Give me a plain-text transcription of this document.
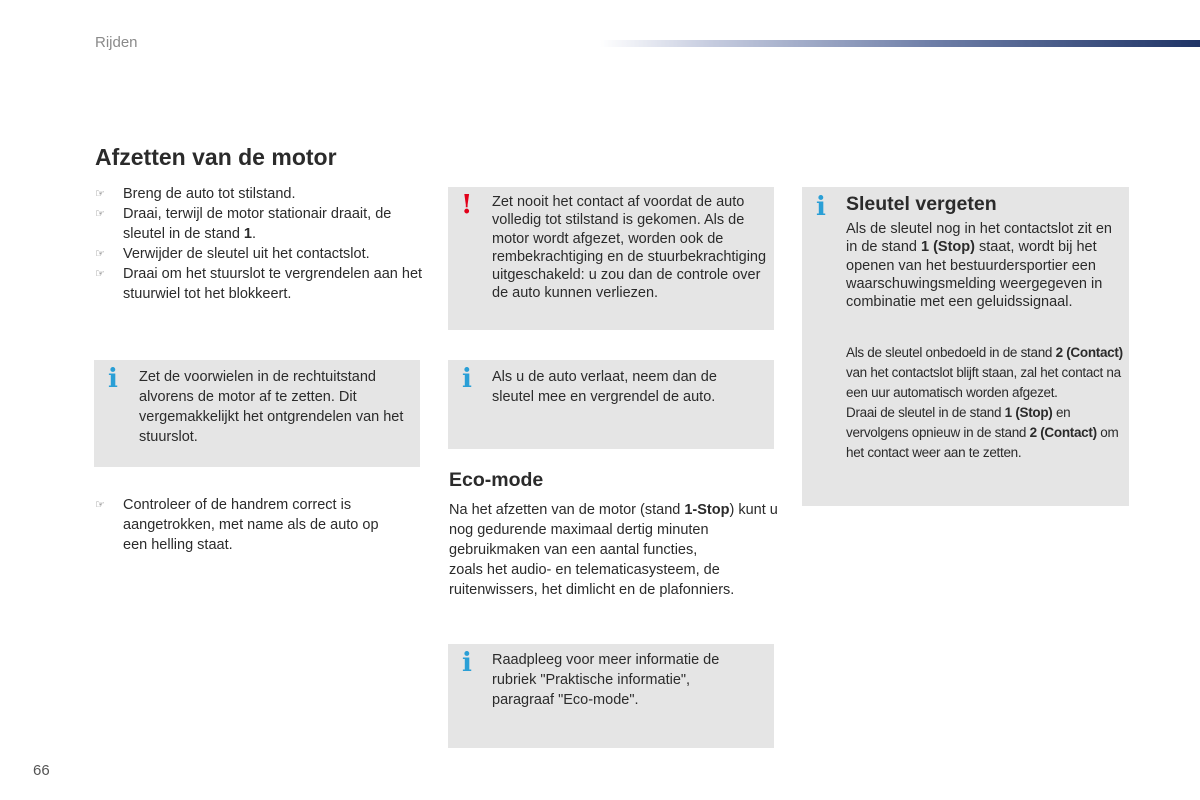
Rijden
Afzetten van de motor
☞ Breng de auto tot stilstand.
☞ Draai, terwijl de motor stationair draait, de sleutel in de stand 1.
☞ Verwijder de sleutel uit het contactslot.
☞ Draai om het stuurslot te vergrendelen aan het stuurwiel tot het blokkeert.
i Zet de voorwielen in de rechtuitstand alvorens de motor af te zetten. Dit vergemakkelijkt het ontgrendelen van het stuurslot.

☞ Controleer of de handrem correct is aangetrokken, met name als de auto op een helling staat.
! Zet nooit het contact af voordat de auto volledig tot stilstand is gekomen. Als de motor wordt afgezet, worden ook de rembekrachtiging en de stuurbekrachtiging uitgeschakeld: u zou dan de controle over de auto kunnen verliezen.

i Als u de auto verlaat, neem dan de sleutel mee en vergrendel de auto.

Eco-mode

Na het afzetten van de motor (stand 1-Stop) kunt u nog gedurende maximaal dertig minuten gebruikmaken van een aantal functies,
zoals het audio- en telematicasysteem, de ruitenwissers, het dimlicht en de plafonniers.

i Raadpleeg voor meer informatie de rubriek "Praktische informatie", paragraaf "Eco-mode".

i Sleutel vergeten

Als de sleutel nog in het contactslot zit en in de stand 1 (Stop) staat, wordt bij het openen van het bestuurdersportier een waarschuwingsmelding weergegeven in combinatie met een geluidssignaal.

Als de sleutel onbedoeld in de stand 2 (Contact) van het contactslot blijft staan, zal het contact na een uur automatisch worden afgezet.
Draai de sleutel in de stand 1 (Stop) en vervolgens opnieuw in de stand 2 (Contact) om het contact weer aan te zetten.

66
